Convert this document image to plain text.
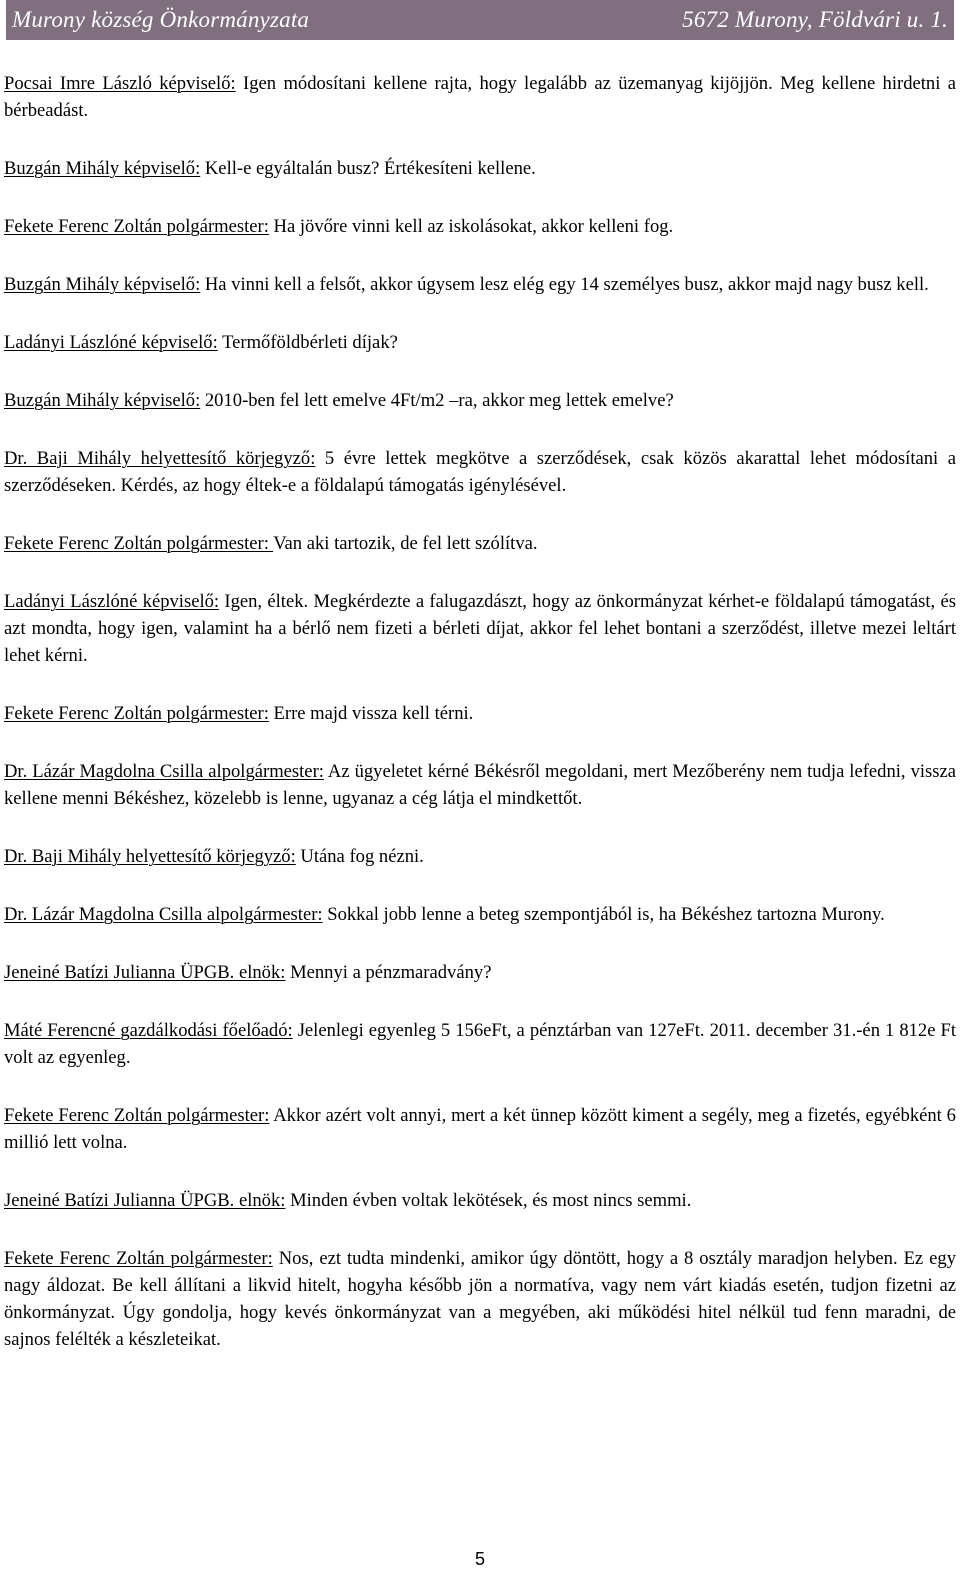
Murony község Önkormányzata	5672 Murony, Földvári u. 1.

Pocsai Imre László képviselő: Igen módosítani kellene rajta, hogy legalább az üzemanyag kijöjjön. Meg kellene hirdetni a bérbeadást.

Buzgán Mihály képviselő: Kell-e egyáltalán busz? Értékesíteni kellene.

Fekete Ferenc Zoltán polgármester: Ha jövőre vinni kell az iskolásokat, akkor kelleni fog.

Buzgán Mihály képviselő: Ha vinni kell a felsőt, akkor úgysem lesz elég egy 14 személyes busz, akkor majd nagy busz kell.

Ladányi Lászlóné képviselő: Termőföldbérleti díjak?

Buzgán Mihály képviselő: 2010-ben fel lett emelve 4Ft/m2 –ra, akkor meg lettek emelve?

Dr. Baji Mihály helyettesítő körjegyző: 5 évre lettek megkötve a szerződések, csak közös akarattal lehet módosítani a szerződéseken. Kérdés, az hogy éltek-e a földalapú támogatás igénylésével.

Fekete Ferenc Zoltán polgármester: Van aki tartozik, de fel lett szólítva.

Ladányi Lászlóné képviselő: Igen, éltek. Megkérdezte a falugazdászt, hogy az önkormányzat kérhet-e földalapú támogatást, és azt mondta, hogy igen, valamint ha a bérlő nem fizeti a bérleti díjat, akkor fel lehet bontani a szerződést, illetve mezei leltárt lehet kérni.

Fekete Ferenc Zoltán polgármester: Erre majd vissza kell térni.

Dr. Lázár Magdolna Csilla alpolgármester: Az ügyeletet kérné Békésről megoldani, mert Mezőberény nem tudja lefedni, vissza kellene menni Békéshez, közelebb is lenne, ugyanaz a cég látja el mindkettőt.

Dr. Baji Mihály helyettesítő körjegyző: Utána fog nézni.

Dr. Lázár Magdolna Csilla alpolgármester: Sokkal jobb lenne a beteg szempontjából is, ha Békéshez tartozna Murony.

Jeneiné Batízi Julianna ÜPGB. elnök: Mennyi a pénzmaradvány?

Máté Ferencné gazdálkodási főelőadó: Jelenlegi egyenleg 5 156eFt, a pénztárban van 127eFt. 2011. december 31.-én 1 812e Ft volt az egyenleg.

Fekete Ferenc Zoltán polgármester: Akkor azért volt annyi, mert a két ünnep között kiment a segély, meg a fizetés, egyébként 6 millió lett volna.

Jeneiné Batízi Julianna ÜPGB. elnök: Minden évben voltak lekötések, és most nincs semmi.

Fekete Ferenc Zoltán polgármester: Nos, ezt tudta mindenki, amikor úgy döntött, hogy a 8 osztály maradjon helyben. Ez egy nagy áldozat. Be kell állítani a likvid hitelt, hogyha később jön a normatíva, vagy nem várt kiadás esetén, tudjon fizetni az önkormányzat. Úgy gondolja, hogy kevés önkormányzat van a megyében, aki működési hitel nélkül tud fenn maradni, de sajnos felélték a készleteikat.

5
